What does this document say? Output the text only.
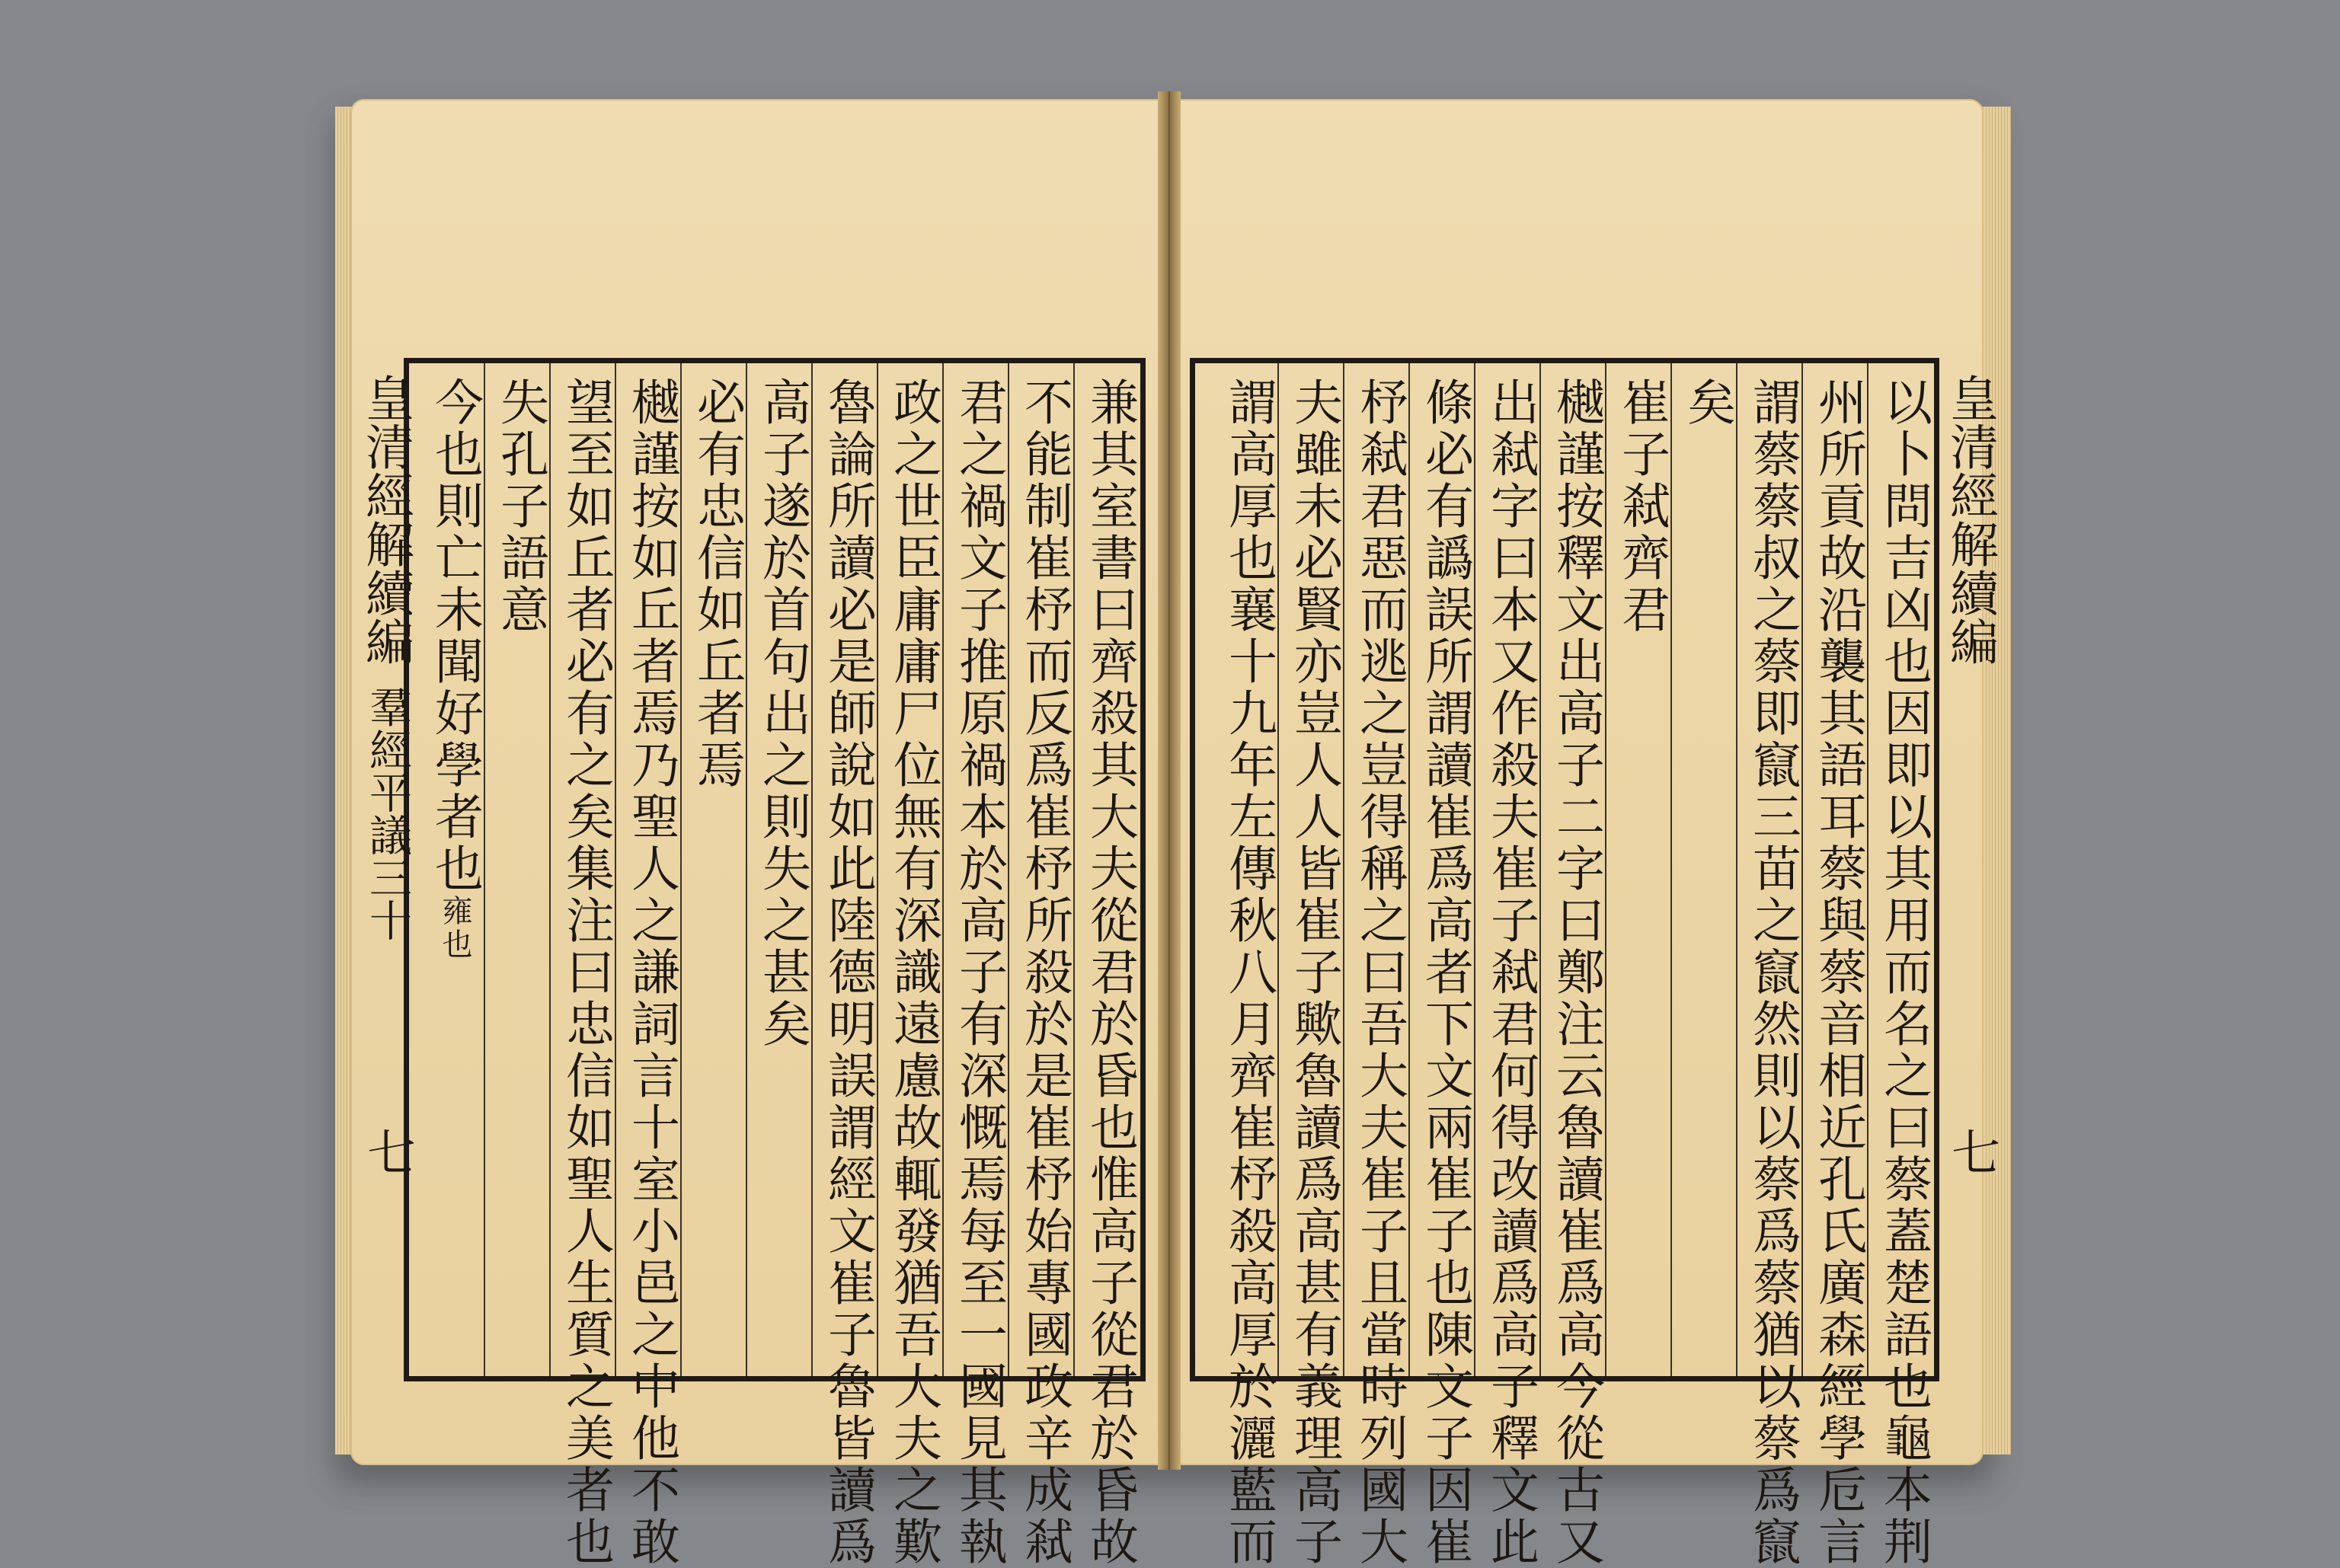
兼其室書曰齊殺其大夫從君於昏也惟高子從君於昏故
不能制崔杼而反爲崔杼所殺於是崔杼始專國政辛成弒
君之禍文子推原禍本於高子有深慨焉每至一國見其執
政之世臣庸庸尸位無有深識遠慮故輒發猶吾大夫之歎
魯論所讀必是師說如此陸德明誤謂經文崔子魯皆讀爲
高子遂於首句出之則失之甚矣
必有忠信如丘者焉
樾謹按如丘者焉乃聖人之謙詞言十室小邑之中他不敢
望至如丘者必有之矣集注曰忠信如聖人生質之美者也
失孔子語意
今也則亡未聞好學者也雍也
皇清經解續編
羣經平議三十
七	以卜問吉凶也因即以其用而名之曰蔡蓋楚語也龜本荆
州所貢故沿襲其語耳蔡與蔡音相近孔氏廣森經學卮言
謂蔡蔡叔之蔡即竄三苗之竄然則以蔡爲蔡猶以蔡爲竄
矣
崔子弒齊君
樾謹按釋文出高子二字曰鄭注云魯讀崔爲高今從古又
出弒字曰本又作殺夫崔子弒君何得改讀爲高子釋文此
條必有譌誤所謂讀崔爲高者下文兩崔子也陳文子因崔
杼弒君惡而逃之豈得稱之曰吾大夫崔子且當時列國大
夫雖未必賢亦豈人人皆崔子歟魯讀爲高甚有義理高子
謂高厚也襄十九年左傳秋八月齊崔杼殺高厚於灑藍而	皇清經解續編
七
